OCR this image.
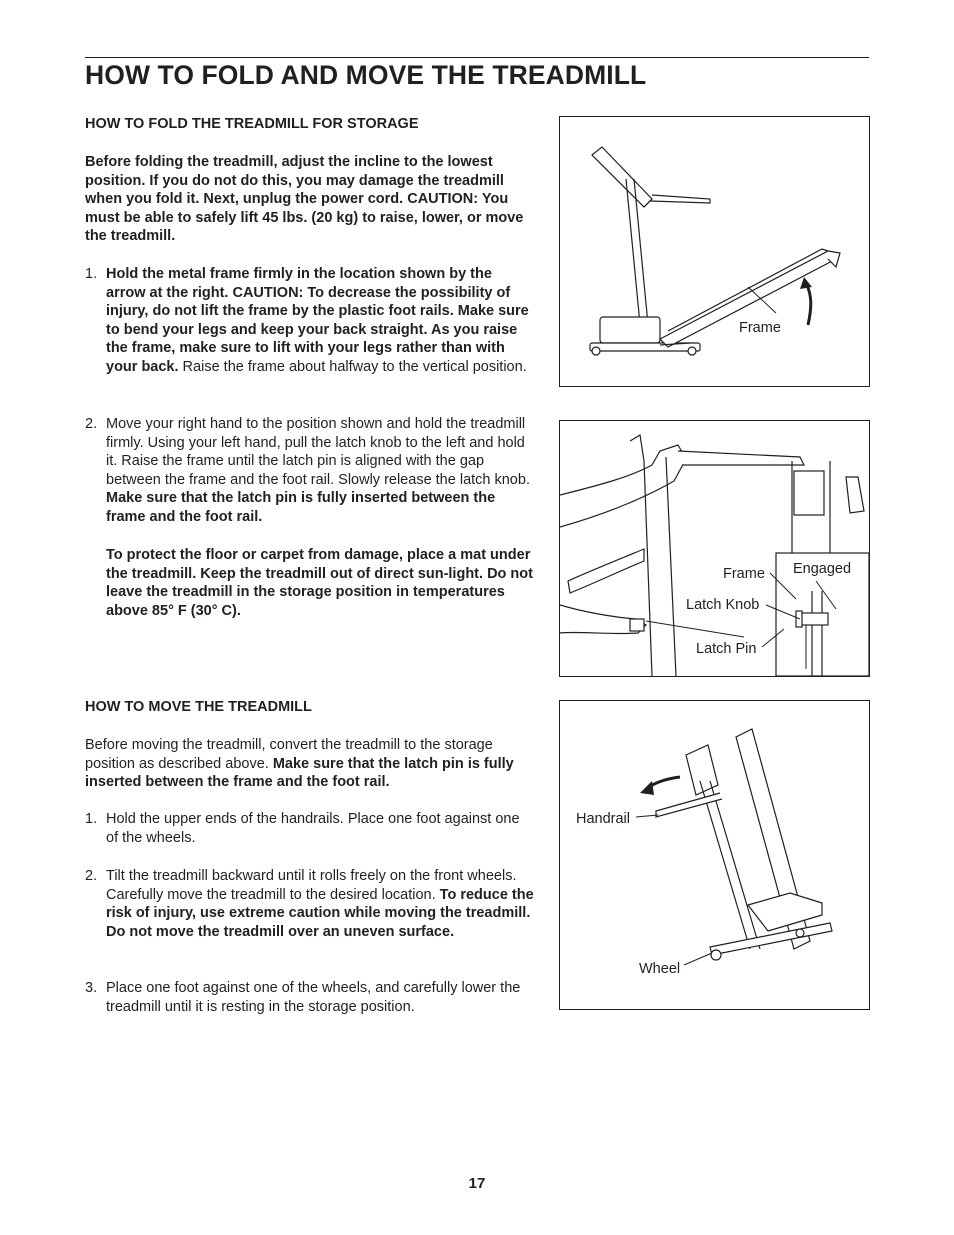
HOW TO FOLD AND MOVE THE TREADMILL

HOW TO FOLD THE TREADMILL FOR STORAGE

Before folding the treadmill, adjust the incline to the lowest position. If you do not do this, you may damage the treadmill when you fold it. Next, unplug the power cord. CAUTION: You must be able to safely lift 45 lbs. (20 kg) to raise, lower, or move the treadmill.

1. Hold the metal frame firmly in the location shown by the arrow at the right. CAUTION: To decrease the possibility of injury, do not lift the frame by the plastic foot rails. Make sure to bend your legs and keep your back straight. As you raise the frame, make sure to lift with your legs rather than with your back. Raise the frame about halfway to the vertical position.

2. Move your right hand to the position shown and hold the treadmill firmly. Using your left hand, pull the latch knob to the left and hold it. Raise the frame until the latch pin is aligned with the gap between the frame and the foot rail. Slowly release the latch knob. Make sure that the latch pin is fully inserted between the frame and the foot rail.

To protect the floor or carpet from damage, place a mat under the treadmill. Keep the treadmill out of direct sun-light. Do not leave the treadmill in the storage position in temperatures above 85° F (30° C).

HOW TO MOVE THE TREADMILL

Before moving the treadmill, convert the treadmill to the storage position as described above. Make sure that the latch pin is fully inserted between the frame and the foot rail.

1. Hold the upper ends of the handrails. Place one foot against one of the wheels.

2. Tilt the treadmill backward until it rolls freely on the front wheels. Carefully move the treadmill to the desired location. To reduce the risk of injury, use extreme caution while moving the treadmill. Do not move the treadmill over an uneven surface.

3. Place one foot against one of the wheels, and carefully lower the treadmill until it is resting in the storage position.

Frame
Frame Engaged
Latch Knob
Latch Pin
Handrail
Wheel
17
